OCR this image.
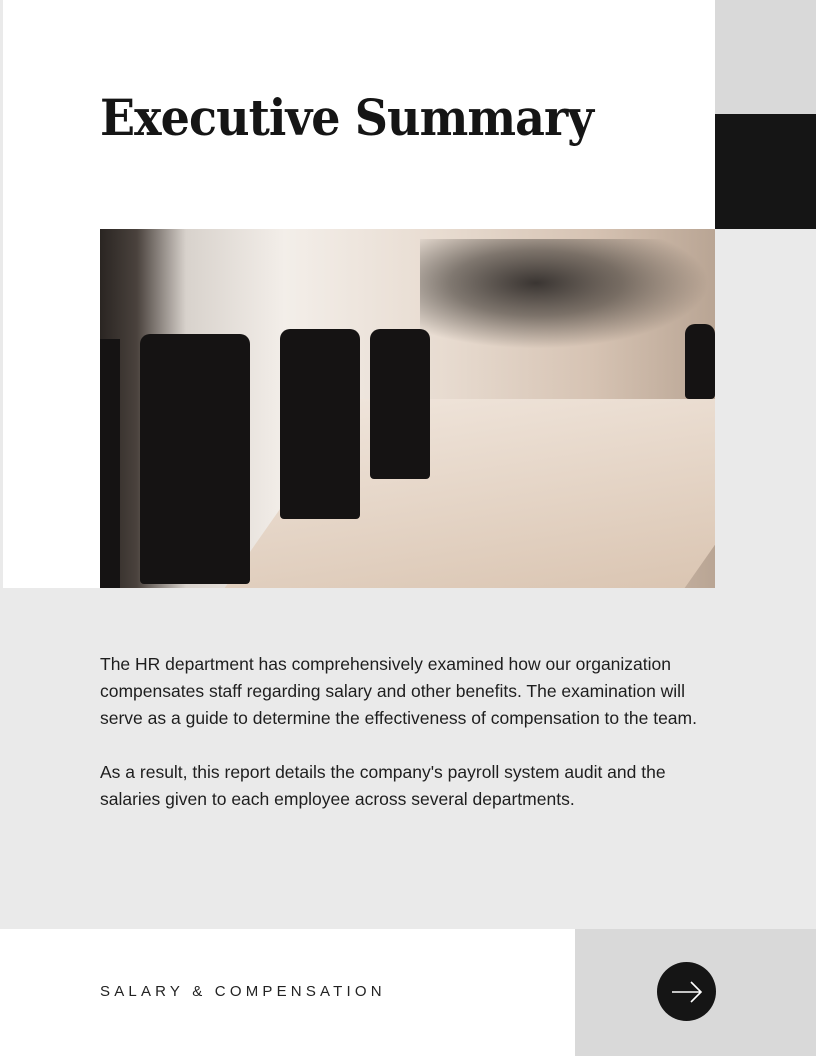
Executive Summary

The HR department has comprehensively examined how our organization compensates staff regarding salary and other benefits. The examination will serve as a guide to determine the effectiveness of compensation to the team.

As a result, this report details the company's payroll system audit and the salaries given to each employee across several departments.

SALARY & COMPENSATION
